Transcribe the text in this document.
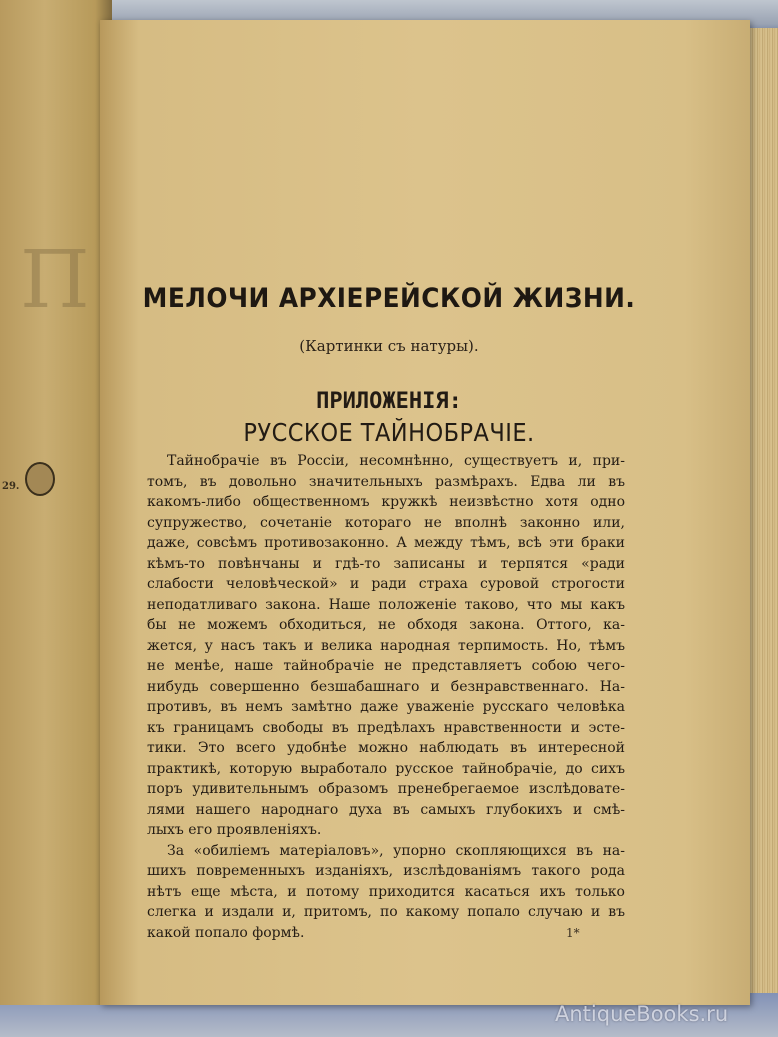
П
29.
МЕЛОЧИ АРХІЕРЕЙСКОЙ ЖИЗНИ.
(Картинки съ натуры).
ПРИЛОЖЕНІЯ:
РУССКОЕ ТАЙНОБРАЧІЕ.
Тайнобрачіе въ Россіи, несомнѣнно, существуетъ и, при-
томъ, въ довольно значительныхъ размѣрахъ. Едва ли въ
какомъ-либо общественномъ кружкѣ неизвѣстно хотя одно
супружество, сочетаніе котораго не вполнѣ законно или,
даже, совсѣмъ противозаконно. А между тѣмъ, всѣ эти браки
кѣмъ-то повѣнчаны и гдѣ-то записаны и терпятся «ради
слабости человѣческой» и ради страха суровой строгости
неподатливаго закона. Наше положеніе таково, что мы какъ
бы не можемъ обходиться, не обходя закона. Оттого, ка-
жется, у насъ такъ и велика народная терпимость. Но, тѣмъ
не менѣе, наше тайнобрачіе не представляетъ собою чего-
нибудь совершенно безшабашнаго и безнравственнаго. На-
противъ, въ немъ замѣтно даже уваженіе русскаго человѣка
къ границамъ свободы въ предѣлахъ нравственности и эсте-
тики. Это всего удобнѣе можно наблюдать въ интересной
практикѣ, которую выработало русское тайнобрачіе, до сихъ
поръ удивительнымъ образомъ пренебрегаемое изслѣдовате-
лями нашего народнаго духа въ самыхъ глубокихъ и смѣ-
лыхъ его проявленіяхъ.
За «обиліемъ матеріаловъ», упорно скопляющихся въ на-
шихъ повременныхъ изданіяхъ, изслѣдованіямъ такого рода
нѣтъ еще мѣста, и потому приходится касаться ихъ только
слегка и издали и, притомъ, по какому попало случаю и въ
какой попало формѣ.	1*
AntiqueBooks.ru
